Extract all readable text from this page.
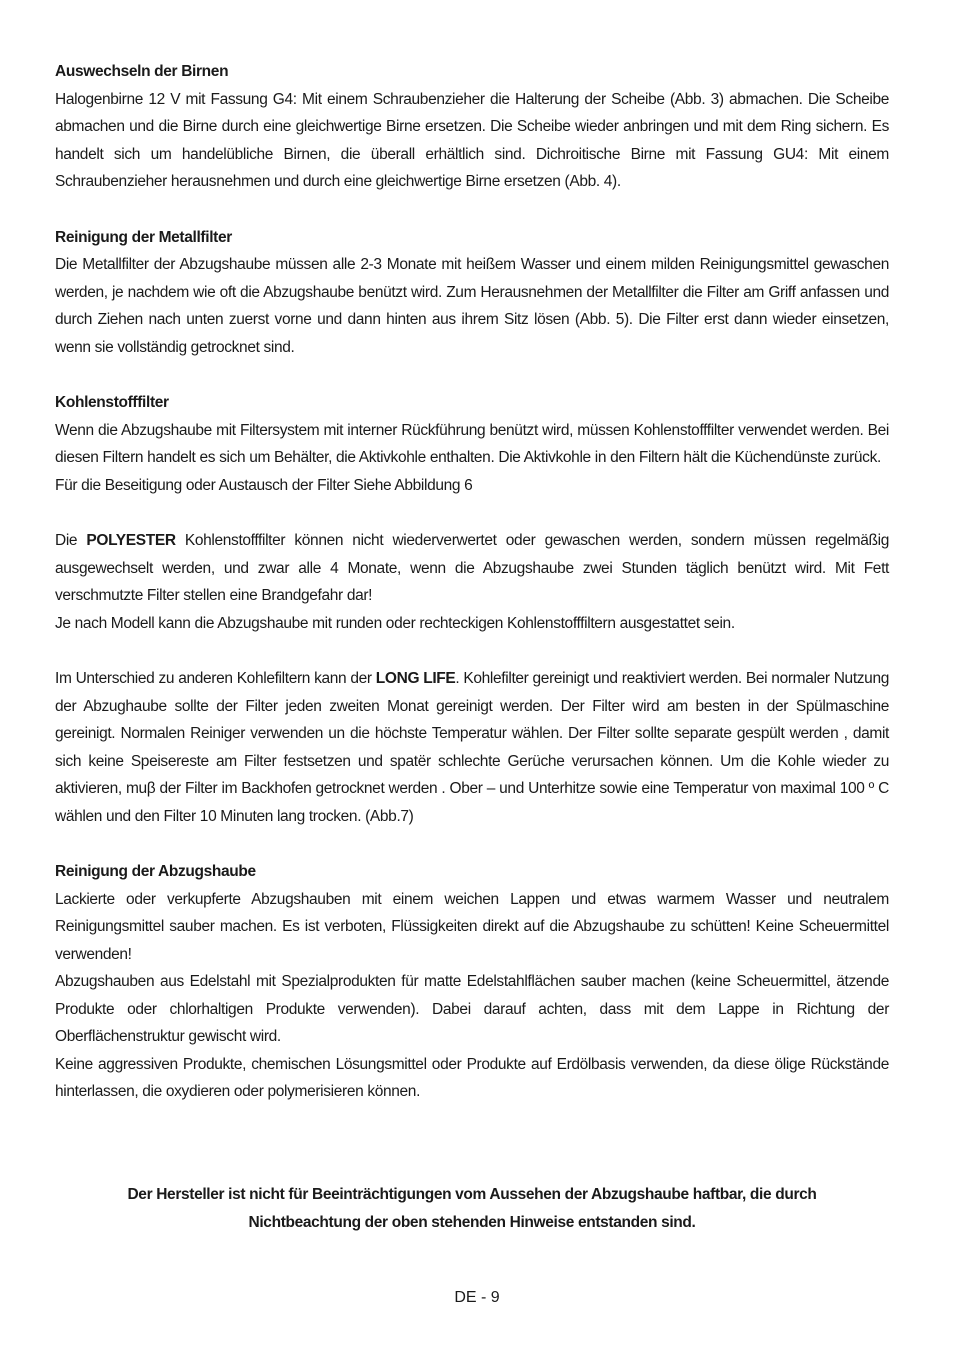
Auswechseln der Birnen

Halogenbirne 12 V mit Fassung G4: Mit einem Schraubenzieher die Halterung der Scheibe (Abb. 3) abmachen. Die Scheibe abmachen und die Birne durch eine gleichwertige Birne ersetzen. Die Scheibe wieder anbringen und mit dem Ring sichern. Es handelt sich um handelübliche Birnen, die überall erhältlich sind. Dichroitische Birne mit Fassung GU4: Mit einem Schraubenzieher herausnehmen und durch eine gleichwertige Birne ersetzen (Abb. 4).

Reinigung der Metallfilter

Die Metallfilter der Abzugshaube müssen alle 2-3 Monate mit heißem Wasser und einem milden Reinigungsmittel gewaschen werden, je nachdem wie oft die Abzugshaube benützt wird. Zum Herausnehmen der Metallfilter die Filter am Griff anfassen und durch Ziehen nach unten zuerst vorne und dann hinten aus ihrem Sitz lösen (Abb. 5). Die Filter erst dann wieder einsetzen, wenn sie vollständig getrocknet sind.

Kohlenstofffilter

Wenn die Abzugshaube mit Filtersystem mit interner Rückführung benützt wird, müssen Kohlenstofffilter verwendet werden. Bei diesen Filtern handelt es sich um Behälter, die Aktivkohle enthalten. Die Aktivkohle in den Filtern hält die Küchendünste zurück.

Für die Beseitigung oder Austausch der Filter Siehe Abbildung 6

Die POLYESTER Kohlenstofffilter können nicht wiederverwertet oder gewaschen werden, sondern müssen regelmäßig ausgewechselt werden, und zwar alle 4 Monate, wenn die Abzugshaube zwei Stunden täglich benützt wird. Mit Fett verschmutzte Filter stellen eine Brandgefahr dar!

Je nach Modell kann die Abzugshaube mit runden oder rechteckigen Kohlenstofffiltern ausgestattet sein.

Im Unterschied zu anderen Kohlefiltern kann der LONG LIFE. Kohlefilter gereinigt und reaktiviert werden. Bei normaler Nutzung der Abzughaube sollte der Filter jeden zweiten Monat gereinigt werden. Der Filter wird am besten in der Spülmaschine gereinigt. Normalen Reiniger verwenden un die höchste Temperatur wählen. Der Filter sollte separate gespült werden , damit sich keine Speisereste am Filter festsetzen und spatër schlechte Gerüche verursachen können. Um die Kohle wieder zu aktivieren, muβ der Filter im Backhofen getrocknet werden . Ober – und Unterhitze sowie eine Temperatur von maximal 100 º C wählen und den Filter 10 Minuten lang trocken. (Abb.7)

Reinigung der Abzugshaube

Lackierte oder verkupferte Abzugshauben mit einem weichen Lappen und etwas warmem Wasser und neutralem Reinigungsmittel sauber machen. Es ist verboten, Flüssigkeiten direkt auf die Abzugshaube zu schütten! Keine Scheuermittel verwenden!

Abzugshauben aus Edelstahl mit Spezialprodukten für matte Edelstahlflächen sauber machen (keine Scheuermittel, ätzende Produkte oder chlorhaltigen Produkte verwenden). Dabei darauf achten, dass mit dem Lappe in Richtung der Oberflächenstruktur gewischt wird.

Keine aggressiven Produkte, chemischen Lösungsmittel oder Produkte auf Erdölbasis verwenden, da diese ölige Rückstände hinterlassen, die oxydieren oder polymerisieren können.

Der Hersteller ist nicht für Beeinträchtigungen vom Aussehen der Abzugshaube haftbar, die durch

Nichtbeachtung der oben stehenden Hinweise entstanden sind.

DE - 9
